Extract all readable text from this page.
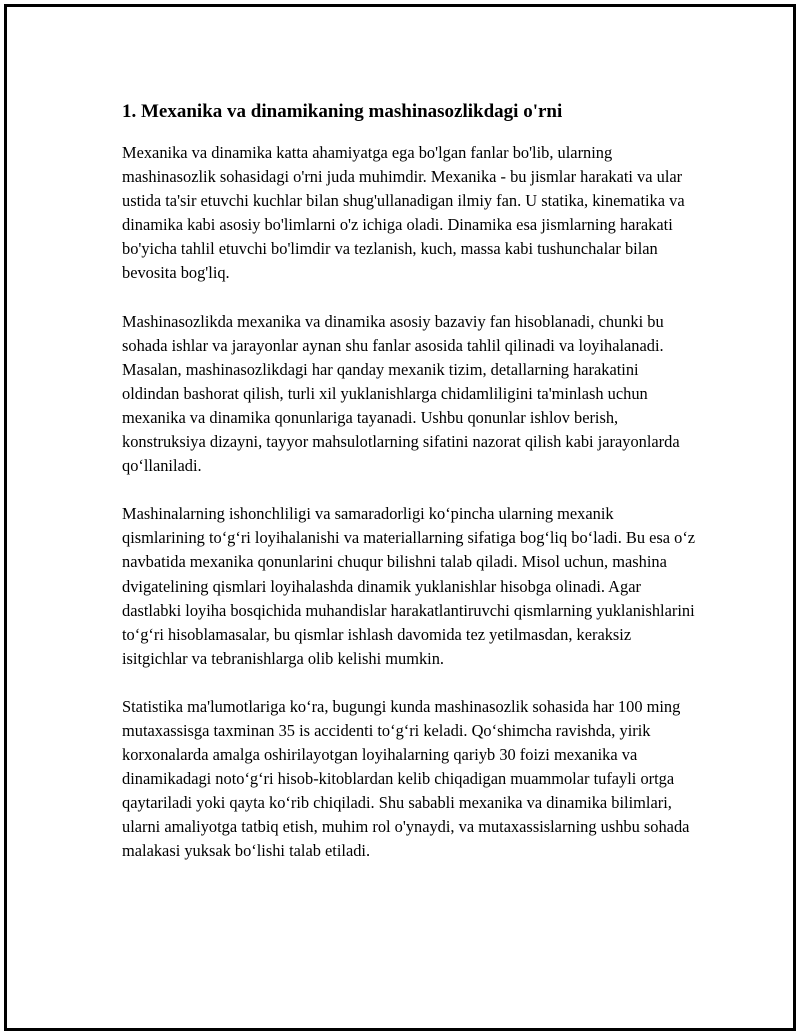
1. Mexanika va dinamikaning mashinasozlikdagi o'rni

Mexanika va dinamika katta ahamiyatga ega bo'lgan fanlar bo'lib, ularning mashinasozlik sohasidagi o'rni juda muhimdir. Mexanika - bu jismlar harakati va ular ustida ta'sir etuvchi kuchlar bilan shug'ullanadigan ilmiy fan. U statika, kinematika va dinamika kabi asosiy bo'limlarni o'z ichiga oladi. Dinamika esa jismlarning harakati bo'yicha tahlil etuvchi bo'limdir va tezlanish, kuch, massa kabi tushunchalar bilan bevosita bog'liq.

Mashinasozlikda mexanika va dinamika asosiy bazaviy fan hisoblanadi, chunki bu sohada ishlar va jarayonlar aynan shu fanlar asosida tahlil qilinadi va loyihalanadi. Masalan, mashinasozlikdagi har qanday mexanik tizim, detallarning harakatini oldindan bashorat qilish, turli xil yuklanishlarga chidamliligini ta'minlash uchun mexanika va dinamika qonunlariga tayanadi. Ushbu qonunlar ishlov berish, konstruksiya dizayni, tayyor mahsulotlarning sifatini nazorat qilish kabi jarayonlarda qo‘llaniladi.

Mashinalarning ishonchliligi va samaradorligi ko‘pincha ularning mexanik qismlarining to‘g‘ri loyihalanishi va materiallarning sifatiga bog‘liq bo‘ladi. Bu esa o‘z navbatida mexanika qonunlarini chuqur bilishni talab qiladi. Misol uchun, mashina dvigatelining qismlari loyihalashda dinamik yuklanishlar hisobga olinadi. Agar dastlabki loyiha bosqichida muhandislar harakatlantiruvchi qismlarning yuklanishlarini to‘g‘ri hisoblamasalar, bu qismlar ishlash davomida tez yetilmasdan, keraksiz isitgichlar va tebranishlarga olib kelishi mumkin.

Statistika ma'lumotlariga ko‘ra, bugungi kunda mashinasozlik sohasida har 100 ming mutaxassisga taxminan 35 is accidenti to‘g‘ri keladi. Qo‘shimcha ravishda, yirik korxonalarda amalga oshirilayotgan loyihalarning qariyb 30 foizi mexanika va dinamikadagi noto‘g‘ri hisob-kitoblardan kelib chiqadigan muammolar tufayli ortga qaytariladi yoki qayta ko‘rib chiqiladi. Shu sababli mexanika va dinamika bilimlari, ularni amaliyotga tatbiq etish, muhim rol o'ynaydi, va mutaxassislarning ushbu sohada malakasi yuksak bo‘lishi talab etiladi.
